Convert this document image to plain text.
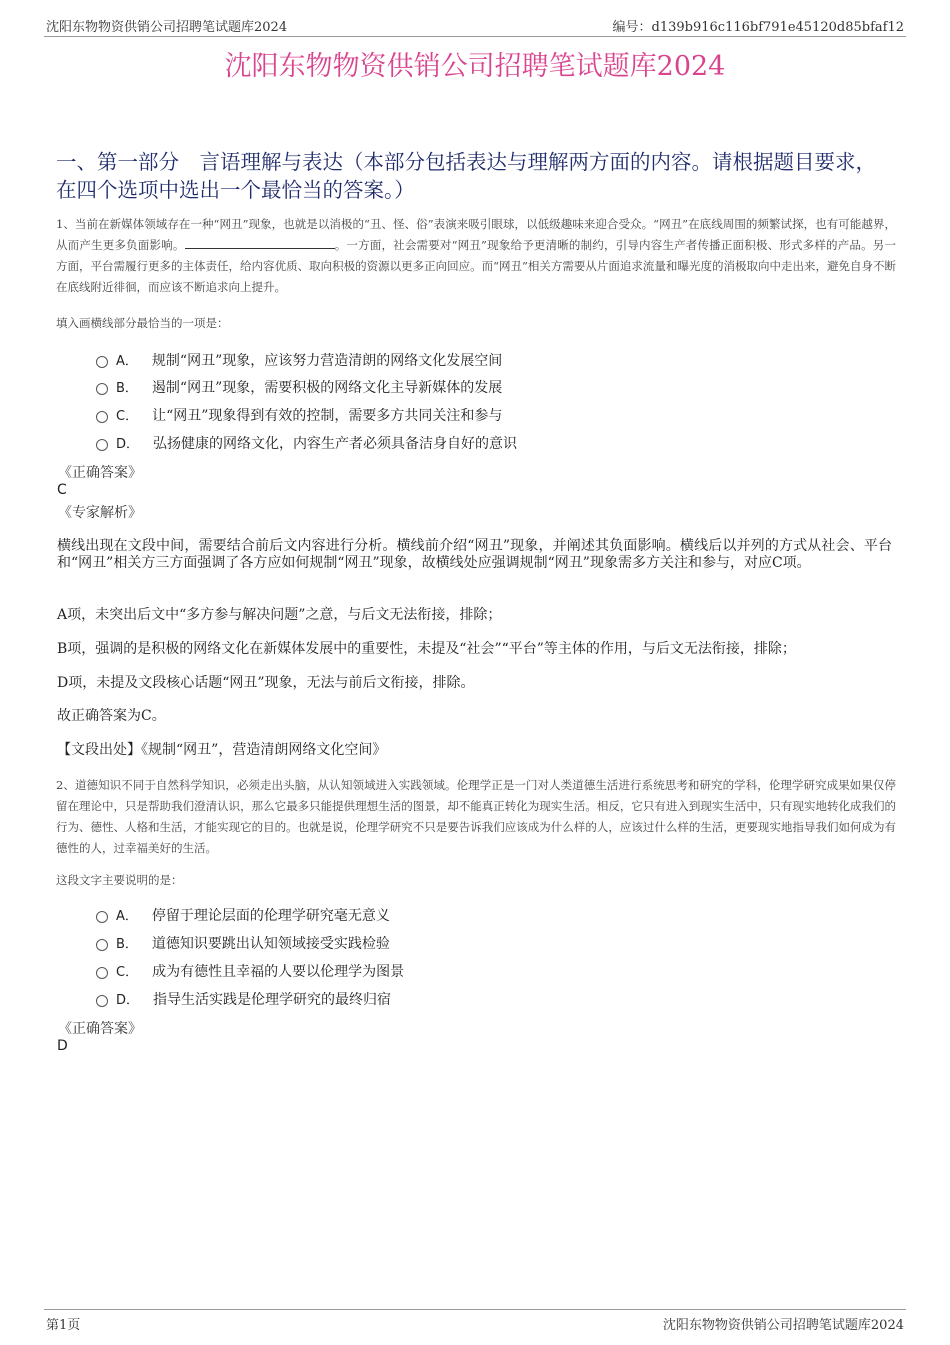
沈阳东物物资供销公司招聘笔试题库2024	编号：d139b916c116bf791e45120d85bfaf12
沈阳东物物资供销公司招聘笔试题库2024
一、第一部分　言语理解与表达（本部分包括表达与理解两方面的内容。请根据题目要求，在四个选项中选出一个最恰当的答案。）
1、当前在新媒体领域存在一种“网丑”现象，也就是以消极的“丑、怪、俗”表演来吸引眼球，以低级趣味来迎合受众。“网丑”在底线周围的频繁试探，也有可能越界，从而产生更多负面影响。	。一方面，社会需要对“网丑”现象给予更清晰的制约，引导内容生产者传播正面积极、形式多样的产品。另一方面，平台需履行更多的主体责任，给内容优质、取向积极的资源以更多正向回应。而“网丑”相关方需要从片面追求流量和曝光度的消极取向中走出来，避免自身不断在底线附近徘徊，而应该不断追求向上提升。
填入画横线部分最恰当的一项是：
A． 规制“网丑”现象，应该努力营造清朗的网络文化发展空间
B． 遏制“网丑”现象，需要积极的网络文化主导新媒体的发展
C． 让“网丑”现象得到有效的控制，需要多方共同关注和参与
D． 弘扬健康的网络文化，内容生产者必须具备洁身自好的意识
《正确答案》
C
《专家解析》
横线出现在文段中间，需要结合前后文内容进行分析。横线前介绍“网丑”现象，并阐述其负面影响。横线后以并列的方式从社会、平台和“网丑”相关方三方面强调了各方应如何规制“网丑”现象，故横线处应强调规制“网丑”现象需多方关注和参与，对应C项。
A项，未突出后文中“多方参与解决问题”之意，与后文无法衔接，排除；
B项，强调的是积极的网络文化在新媒体发展中的重要性，未提及“社会”“平台”等主体的作用，与后文无法衔接，排除；
D项，未提及文段核心话题“网丑”现象，无法与前后文衔接，排除。
故正确答案为C。
【文段出处】《规制“网丑”，营造清朗网络文化空间》
2、道德知识不同于自然科学知识，必须走出头脑，从认知领域进入实践领域。伦理学正是一门对人类道德生活进行系统思考和研究的学科，伦理学研究成果如果仅停留在理论中，只是帮助我们澄清认识，那么它最多只能提供理想生活的图景，却不能真正转化为现实生活。相反，它只有进入到现实生活中，只有现实地转化成我们的行为、德性、人格和生活，才能实现它的目的。也就是说，伦理学研究不只是要告诉我们应该成为什么样的人，应该过什么样的生活，更要现实地指导我们如何成为有德性的人，过幸福美好的生活。
这段文字主要说明的是：
A． 停留于理论层面的伦理学研究毫无意义
B． 道德知识要跳出认知领域接受实践检验
C． 成为有德性且幸福的人要以伦理学为图景
D． 指导生活实践是伦理学研究的最终归宿
《正确答案》
D
第1页	沈阳东物物资供销公司招聘笔试题库2024
